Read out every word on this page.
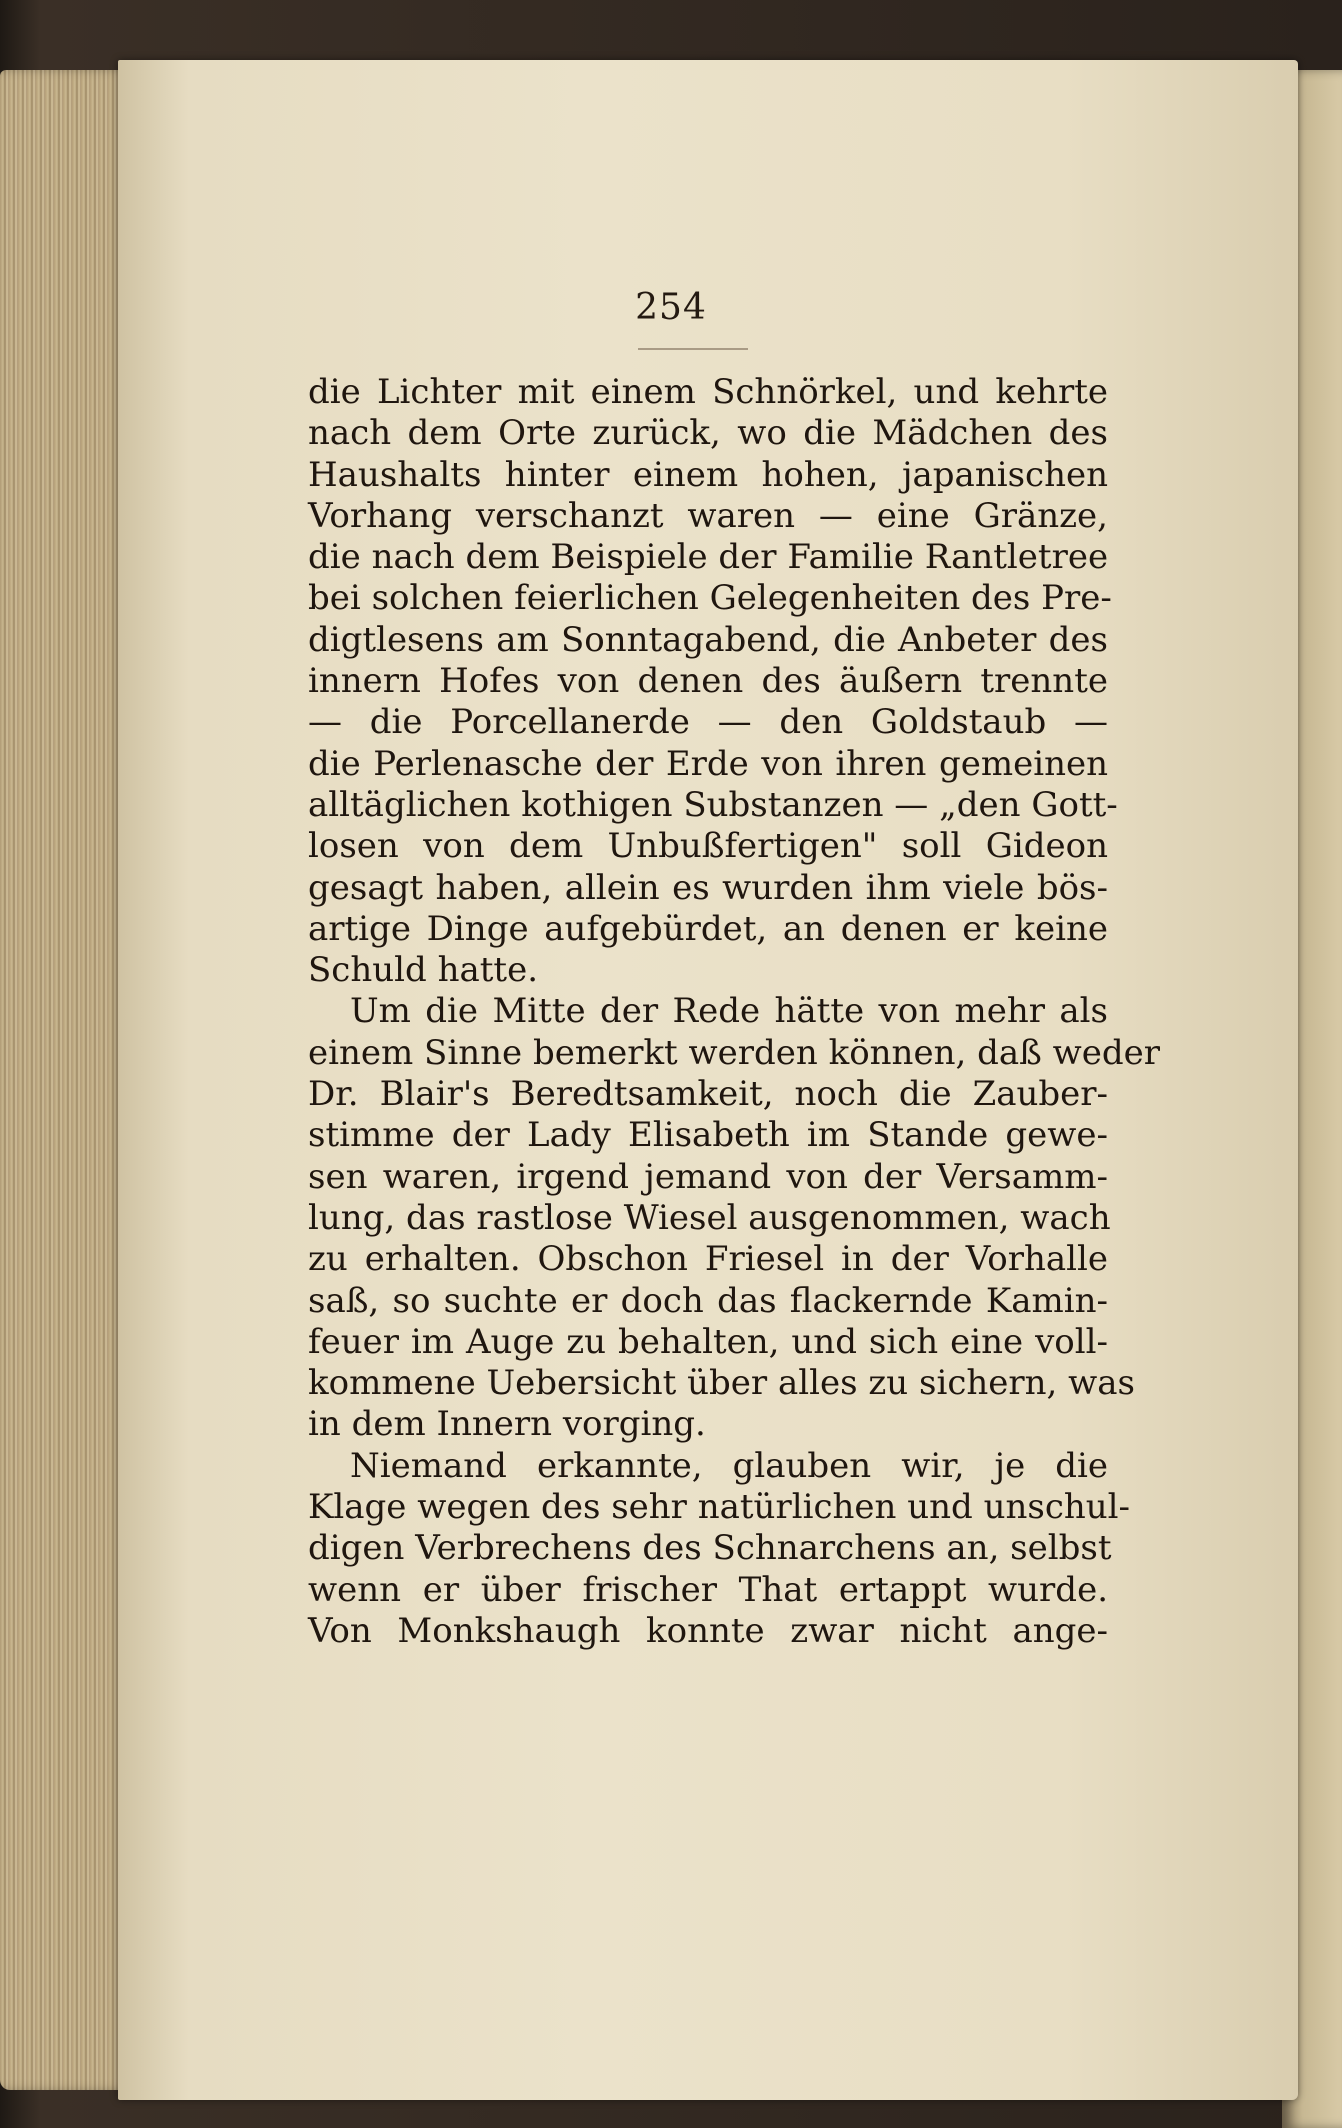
254
die Lichter mit einem Schnörkel, und kehrte
nach dem Orte zurück, wo die Mädchen des
Haushalts hinter einem hohen, japanischen
Vorhang verschanzt waren — eine Gränze,
die nach dem Beispiele der Familie Rantletree
bei solchen feierlichen Gelegenheiten des Pre-
digtlesens am Sonntagabend, die Anbeter des
innern Hofes von denen des äußern trennte
— die Porcellanerde — den Goldstaub —
die Perlenasche der Erde von ihren gemeinen
alltäglichen kothigen Substanzen — „den Gott-
losen von dem Unbußfertigen" soll Gideon
gesagt haben, allein es wurden ihm viele bös-
artige Dinge aufgebürdet, an denen er keine
Schuld hatte.
Um die Mitte der Rede hätte von mehr als
einem Sinne bemerkt werden können, daß weder
Dr. Blair's Beredtsamkeit, noch die Zauber-
stimme der Lady Elisabeth im Stande gewe-
sen waren, irgend jemand von der Versamm-
lung, das rastlose Wiesel ausgenommen, wach
zu erhalten. Obschon Friesel in der Vorhalle
saß, so suchte er doch das flackernde Kamin-
feuer im Auge zu behalten, und sich eine voll-
kommene Uebersicht über alles zu sichern, was
in dem Innern vorging.
Niemand erkannte, glauben wir, je die
Klage wegen des sehr natürlichen und unschul-
digen Verbrechens des Schnarchens an, selbst
wenn er über frischer That ertappt wurde.
Von Monkshaugh konnte zwar nicht ange-
